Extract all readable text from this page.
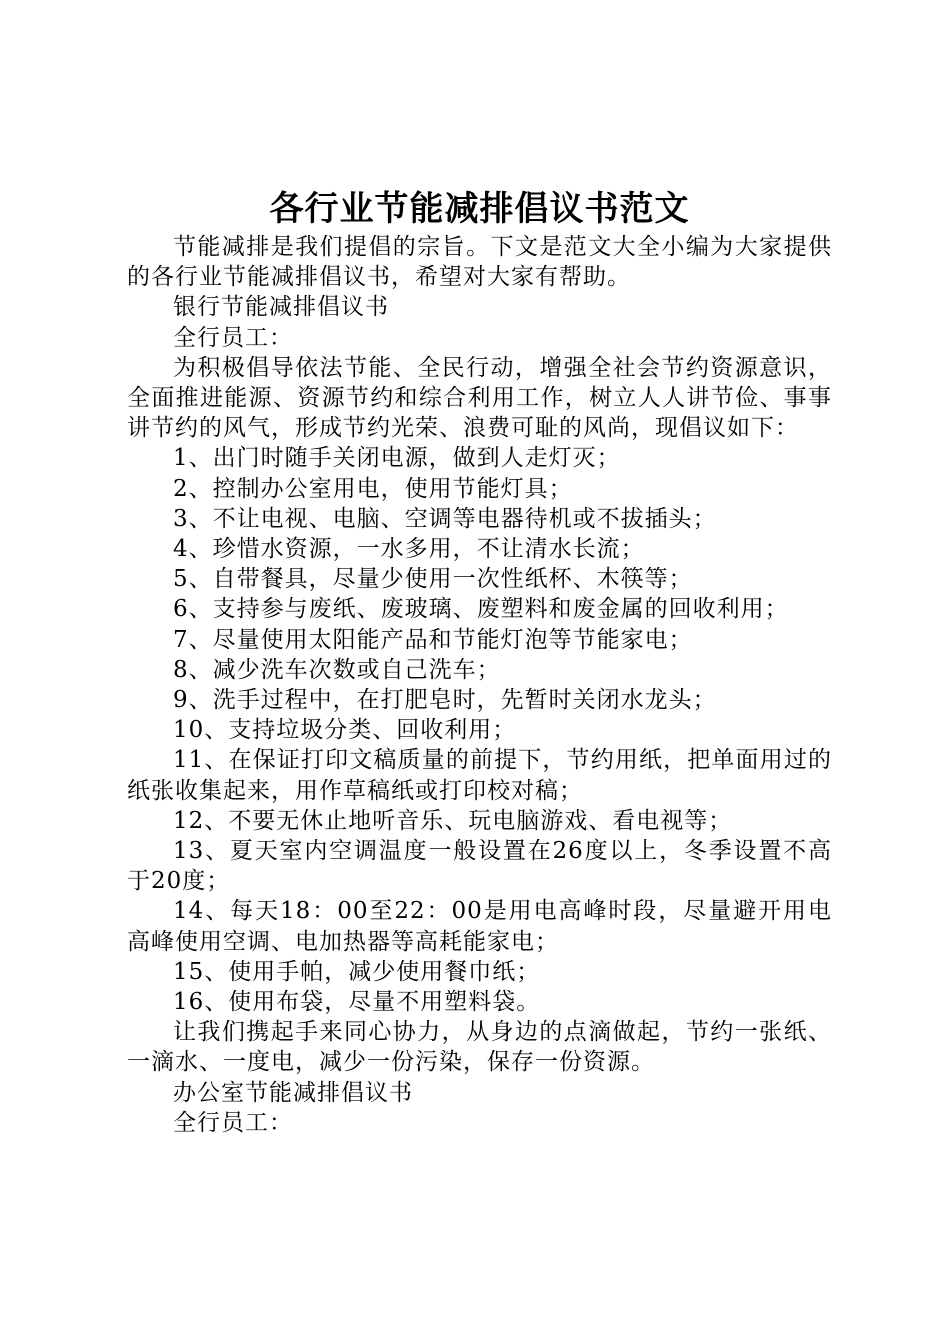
各行业节能减排倡议书范文

节能减排是我们提倡的宗旨。下文是范文大全小编为大家提供的各行业节能减排倡议书，希望对大家有帮助。

银行节能减排倡议书

全行员工：

为积极倡导依法节能、全民行动，增强全社会节约资源意识，全面推进能源、资源节约和综合利用工作，树立人人讲节俭、事事讲节约的风气，形成节约光荣、浪费可耻的风尚，现倡议如下：

1、出门时随手关闭电源，做到人走灯灭；

2、控制办公室用电，使用节能灯具；

3、不让电视、电脑、空调等电器待机或不拔插头；

4、珍惜水资源，一水多用，不让清水长流；

5、自带餐具，尽量少使用一次性纸杯、木筷等；

6、支持参与废纸、废玻璃、废塑料和废金属的回收利用；

7、尽量使用太阳能产品和节能灯泡等节能家电；

8、减少洗车次数或自己洗车；

9、洗手过程中，在打肥皂时，先暂时关闭水龙头；

10、支持垃圾分类、回收利用；

11、在保证打印文稿质量的前提下，节约用纸，把单面用过的纸张收集起来，用作草稿纸或打印校对稿；

12、不要无休止地听音乐、玩电脑游戏、看电视等；

13、夏天室内空调温度一般设置在26度以上，冬季设置不高于20度；

14、每天18：00至22：00是用电高峰时段，尽量避开用电高峰使用空调、电加热器等高耗能家电；

15、使用手帕，减少使用餐巾纸；

16、使用布袋，尽量不用塑料袋。

让我们携起手来同心协力，从身边的点滴做起，节约一张纸、一滴水、一度电，减少一份污染，保存一份资源。

办公室节能减排倡议书

全行员工：
